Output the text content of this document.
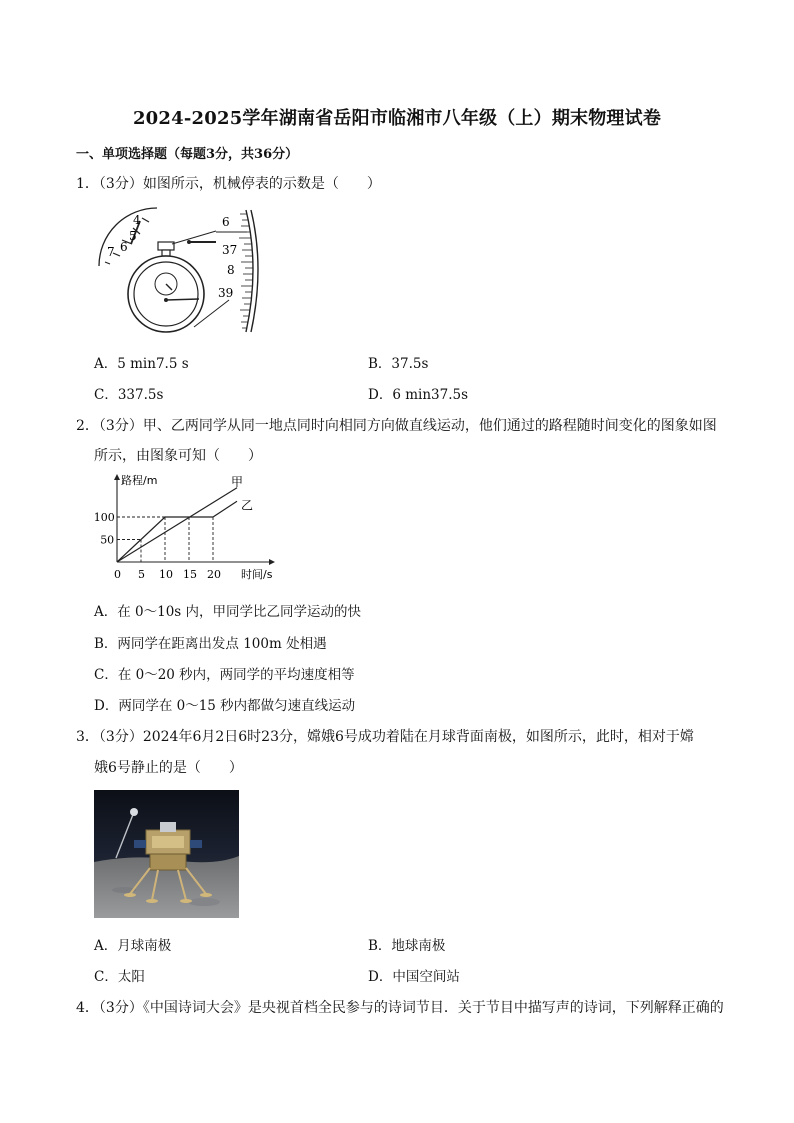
2024-2025学年湖南省岳阳市临湘市八年级（上）期末物理试卷
一、单项选择题（每题3分，共36分）
1．（3分）如图所示，机械停表的示数是（　　）
4
5
6
7
6
37
8
39
A．5 min7.5 s	B．37.5s
C．337.5s	D．6 min37.5s
2．（3分）甲、乙两同学从同一地点同时向相同方向做直线运动，他们通过的路程随时间变化的图象如图
所示，由图象可知（　　）
路程/m
时间/s
甲
乙
0 5 10 15 20
50
100
A．在 0～10s 内，甲同学比乙同学运动的快
B．两同学在距离出发点 100m 处相遇
C．在 0～20 秒内，两同学的平均速度相等
D．两同学在 0～15 秒内都做匀速直线运动
3．（3分）2024年6月2日6时23分，嫦娥6号成功着陆在月球背面南极，如图所示，此时，相对于嫦
娥6号静止的是（　　）
A．月球南极	B．地球南极
C．太阳	D．中国空间站
4．（3分）《中国诗词大会》是央视首档全民参与的诗词节目．关于节目中描写声的诗词，下列解释正确的
